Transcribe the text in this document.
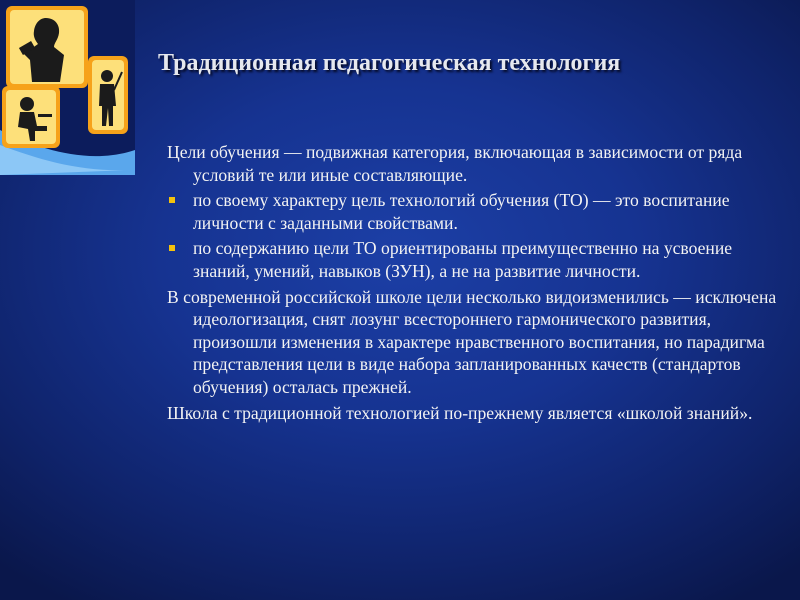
Традиционная педагогическая технология
Цели обучения — подвижная категория, включающая в зависимости от ряда условий те или иные составляющие.
по своему характеру цель технологий обучения (ТО) — это воспитание личности с заданными свойствами.
по содержанию цели ТО ориентированы преимущественно на усвоение знаний, умений, навыков (ЗУН), а не на развитие личности.
В современной российской школе цели несколько видоизменились — исключена идеологизация, снят лозунг всестороннего гармонического развития, произошли изменения в характере нравственного воспитания, но парадигма представления цели в виде набора запланированных качеств (стандартов обучения) осталась прежней.
Школа с традиционной технологией по-прежнему является «школой знаний».
